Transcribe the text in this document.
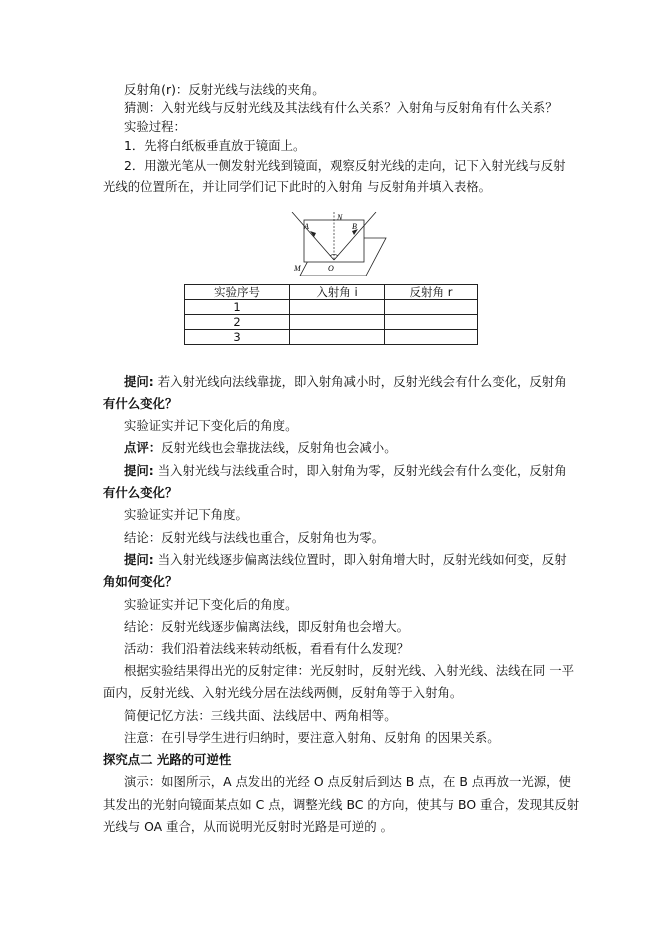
反射角(r)：反射光线与法线的夹角。
猜测：入射光线与反射光线及其法线有什么关系？入射角与反射角有什么关系？
实验过程：
1．先将白纸板垂直放于镜面上。
2．用激光笔从一侧发射光线到镜面，观察反射光线的走向，记下入射光线与反射
光线的位置所在，并让同学们记下此时的入射角 与反射角并填入表格。
N
A	B
M	O
实验序号	入射角 i	反射角 r
1		
2		
3		
提问: 若入射光线向法线靠拢，即入射角减小时，反射光线会有什么变化，反射角
有什么变化？
实验证实并记下变化后的角度。
点评：反射光线也会靠拢法线，反射角也会减小。
提问: 当入射光线与法线重合时，即入射角为零，反射光线会有什么变化，反射角
有什么变化？
实验证实并记下角度。
结论：反射光线与法线也重合，反射角也为零。
提问: 当入射光线逐步偏离法线位置时，即入射角增大时，反射光线如何变，反射
角如何变化？
实验证实并记下变化后的角度。
结论：反射光线逐步偏离法线，即反射角也会增大。
活动：我们沿着法线来转动纸板，看看有什么发现？
根据实验结果得出光的反射定律：光反射时，反射光线、入射光线、法线在同 一平
面内，反射光线、入射光线分居在法线两侧，反射角等于入射角。
简便记忆方法：三线共面、法线居中、两角相等。
注意：在引导学生进行归纳时，要注意入射角、反射角 的因果关系。
探究点二 光路的可逆性
演示：如图所示，A 点发出的光经 O 点反射后到达 B 点，在 B 点再放一光源，使
其发出的光射向镜面某点如 C 点，调整光线 BC 的方向，使其与 BO 重合，发现其反射
光线与 OA 重合，从而说明光反射时光路是可逆的 。
